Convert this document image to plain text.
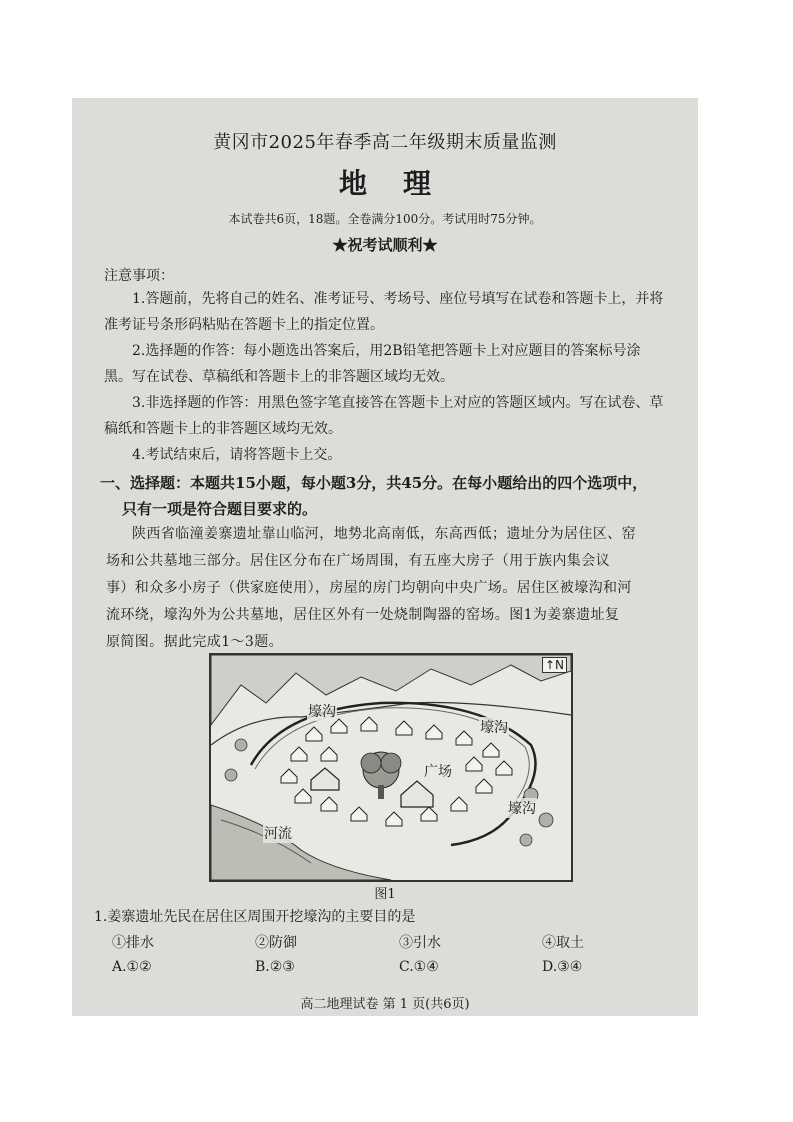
黄冈市2025年春季高二年级期末质量监测
地理
本试卷共6页，18题。全卷满分100分。考试用时75分钟。
★祝考试顺利★
注意事项：
1.答题前，先将自己的姓名、准考证号、考场号、座位号填写在试卷和答题卡上，并将准考证号条形码粘贴在答题卡上的指定位置。
2.选择题的作答：每小题选出答案后，用2B铅笔把答题卡上对应题目的答案标号涂黑。写在试卷、草稿纸和答题卡上的非答题区域均无效。
3.非选择题的作答：用黑色签字笔直接答在答题卡上对应的答题区域内。写在试卷、草稿纸和答题卡上的非答题区域均无效。
4.考试结束后，请将答题卡上交。
一、选择题：本题共15小题，每小题3分，共45分。在每小题给出的四个选项中，
只有一项是符合题目要求的。
陕西省临潼姜寨遗址靠山临河，地势北高南低，东高西低；遗址分为居住区、窑
场和公共墓地三部分。居住区分布在广场周围，有五座大房子（用于族内集会议
事）和众多小房子（供家庭使用），房屋的房门均朝向中央广场。居住区被壕沟和河
流环绕，壕沟外为公共墓地，居住区外有一处烧制陶器的窑场。图1为姜寨遗址复
原简图。据此完成1～3题。
壕沟
壕沟
壕沟
广场
河流
↑N
图1
1.姜寨遗址先民在居住区周围开挖壕沟的主要目的是
①排水	②防御	③引水	④取土
A.①②	B.②③	C.①④	D.③④
高二地理试卷 第 1 页(共6页)
